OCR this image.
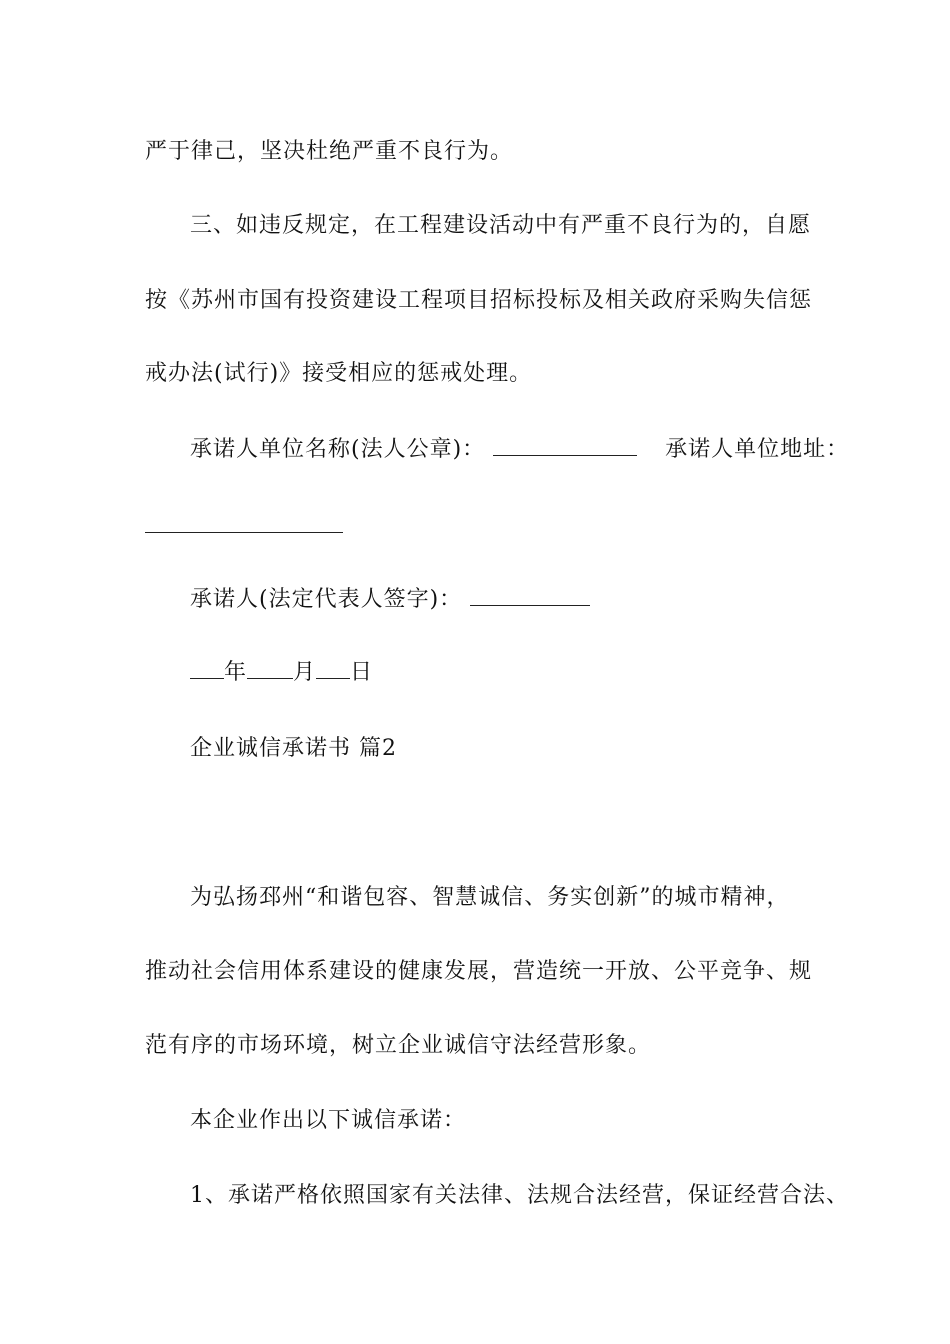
严于律己，坚决杜绝严重不良行为。
三、如违反规定，在工程建设活动中有严重不良行为的，自愿
按《苏州市国有投资建设工程项目招标投标及相关政府采购失信惩
戒办法(试行)》接受相应的惩戒处理。
承诺人单位名称(法人公章)：	承诺人单位地址：
承诺人(法定代表人签字)：
年 月 日
企业诚信承诺书 篇2
为弘扬邳州“和谐包容、智慧诚信、务实创新”的城市精神，
推动社会信用体系建设的健康发展，营造统一开放、公平竞争、规
范有序的市场环境，树立企业诚信守法经营形象。
本企业作出以下诚信承诺：
1、承诺严格依照国家有关法律、法规合法经营，保证经营合法、
